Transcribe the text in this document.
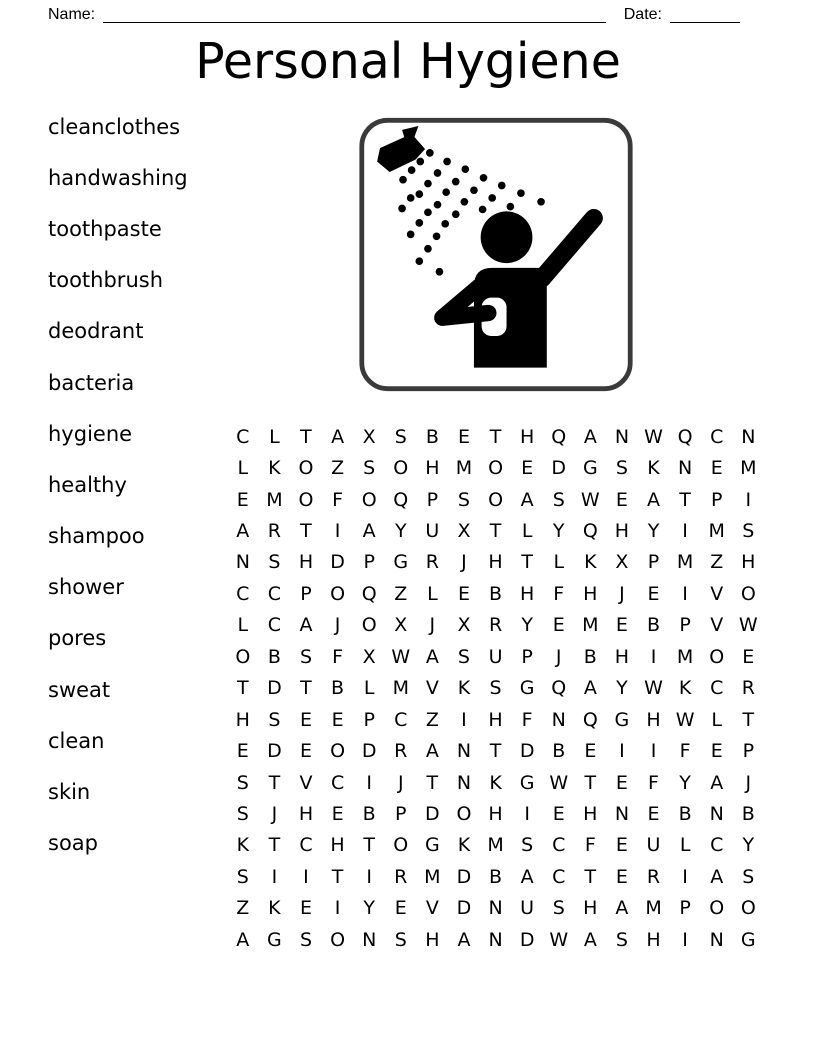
Name:	Date:
Personal Hygiene
cleanclothes
handwashing
toothpaste
toothbrush
deodrant
bacteria
hygiene
healthy
shampoo
shower
pores
sweat
clean
skin
soap
C	L	T	A X	S	B	E	T H Q A N W Q C N
L	K O Z	S O H M O E D G S	K N E M
E M O F O Q P	S O A	S W E	A	T	P	I
A R	T	I	A	Y U X	T	L	Y Q H Y	I	M S
N S H D P G R	J	H T	L	K X	P M Z H
C C	P O Q Z	L	E	B H F H	J	E	I	V O
L	C A	J	O X	J	X R	Y	E M E	B	P	V W
O B	S	F	X W A	S U P	J	B H	I	M O E
T D T	B	L M V K	S G Q A	Y W K C R
H S	E	E	P	C Z	I	H F	N Q G H W L	T
E D E O D R A N T D B	E	I	I	F	E	P
S	T	V C	I	J	T N K G W T	E	F	Y	A	J
S	J	H E	B	P D O H	I	E H N E	B N B
K	T	C H T O G K M S C	F	E U	L	C	Y
S	I	I	T	I	R M D B A C	T	E R	I	A	S
Z K	E	I	Y	E	V D N U S H A M P O O
A G S O N S H A N D W A	S H	I	N G
